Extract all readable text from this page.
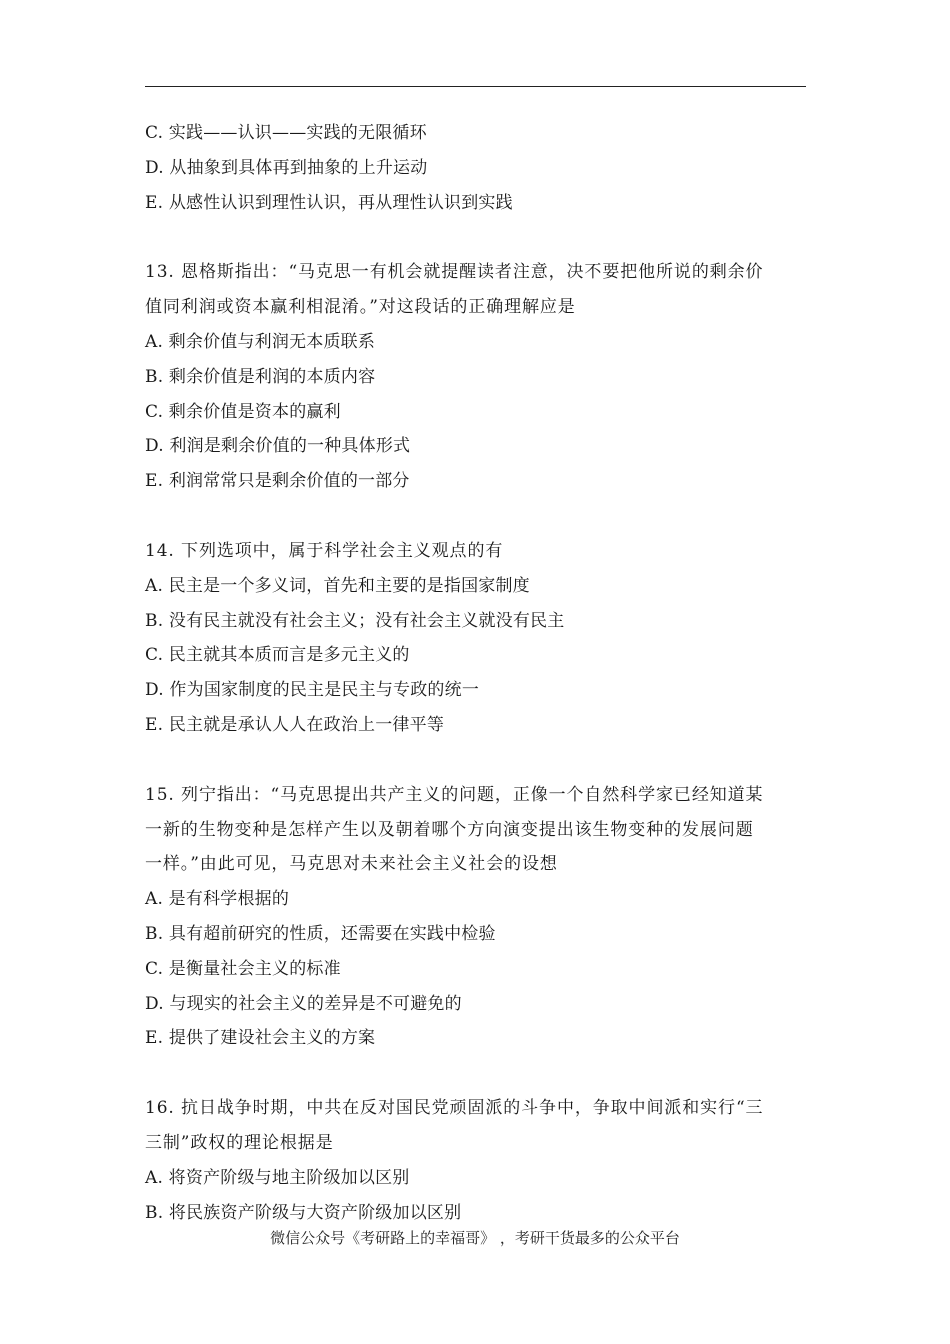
C. 实践——认识——实践的无限循环
D. 从抽象到具体再到抽象的上升运动
E. 从感性认识到理性认识，再从理性认识到实践
13. 恩格斯指出：“马克思一有机会就提醒读者注意，决不要把他所说的剩余价
值同利润或资本赢利相混淆。”对这段话的正确理解应是
A. 剩余价值与利润无本质联系
B. 剩余价值是利润的本质内容
C. 剩余价值是资本的赢利
D. 利润是剩余价值的一种具体形式
E. 利润常常只是剩余价值的一部分
14. 下列选项中，属于科学社会主义观点的有
A. 民主是一个多义词，首先和主要的是指国家制度
B. 没有民主就没有社会主义；没有社会主义就没有民主
C. 民主就其本质而言是多元主义的
D. 作为国家制度的民主是民主与专政的统一
E. 民主就是承认人人在政治上一律平等
15. 列宁指出：“马克思提出共产主义的问题，正像一个自然科学家已经知道某
一新的生物变种是怎样产生以及朝着哪个方向演变提出该生物变种的发展问题
一样。”由此可见，马克思对未来社会主义社会的设想
A. 是有科学根据的
B. 具有超前研究的性质，还需要在实践中检验
C. 是衡量社会主义的标准
D. 与现实的社会主义的差异是不可避免的
E. 提供了建设社会主义的方案
16. 抗日战争时期，中共在反对国民党顽固派的斗争中，争取中间派和实行“三
三制”政权的理论根据是
A. 将资产阶级与地主阶级加以区别
B. 将民族资产阶级与大资产阶级加以区别
微信公众号《考研路上的幸福哥》 ，考研干货最多的公众平台
